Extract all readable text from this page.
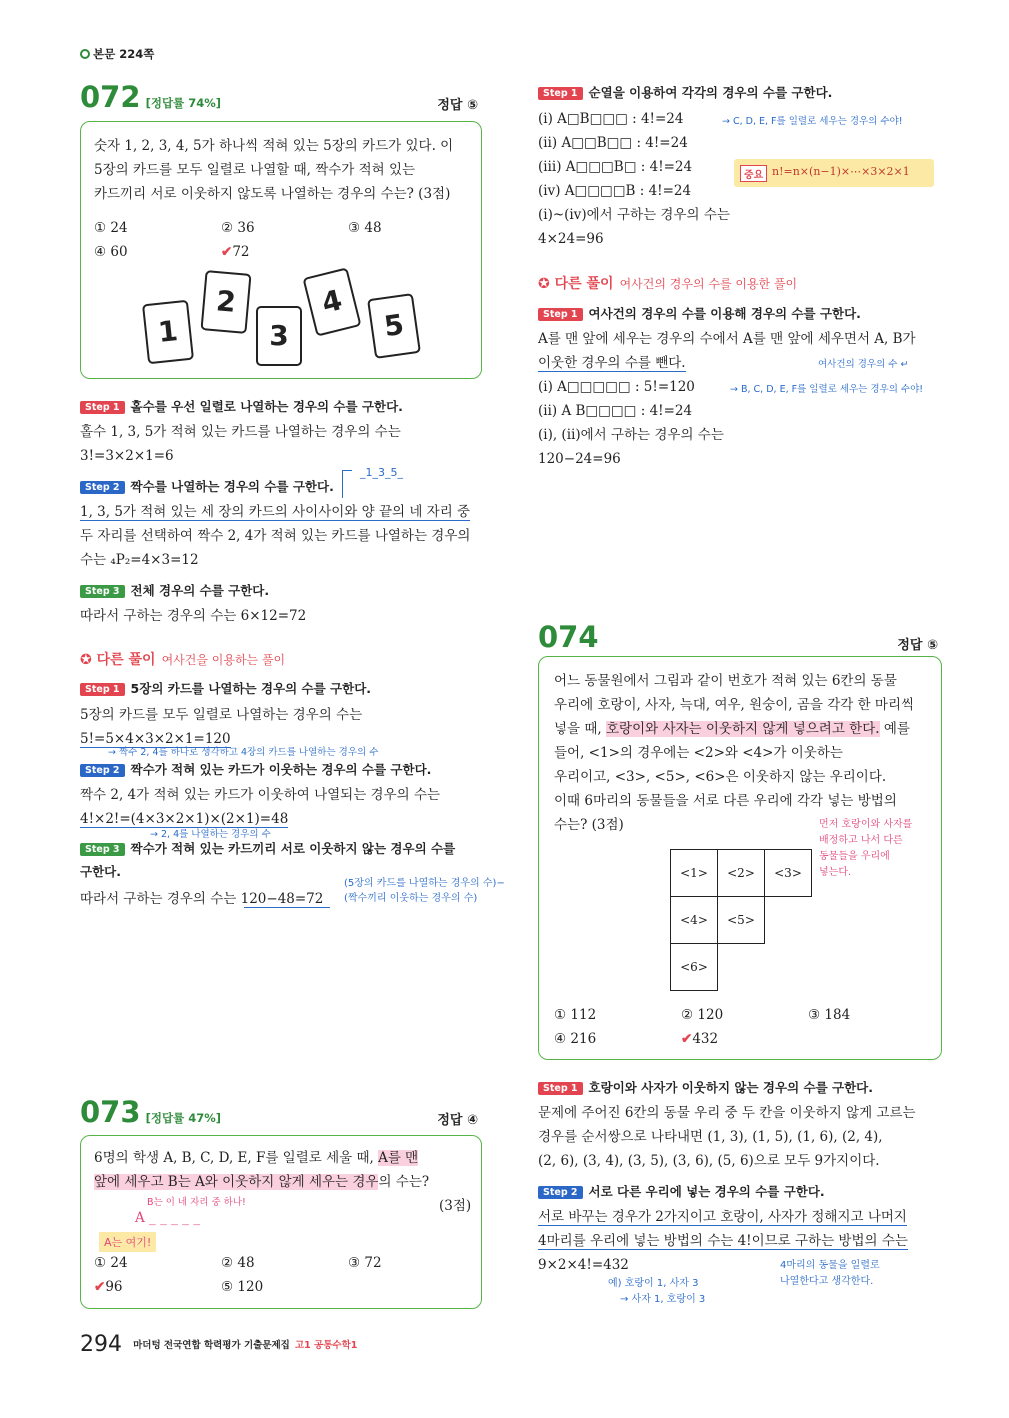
본문 224쪽
072 [정답률 74%]	정답 ⑤
숫자 1, 2, 3, 4, 5가 하나씩 적혀 있는 5장의 카드가 있다. 이
5장의 카드를 모두 일렬로 나열할 때, 짝수가 적혀 있는
카드끼리 서로 이웃하지 않도록 나열하는 경우의 수는? (3점)
① 24	② 36	③ 48
④ 60	✔72
1
2
3
4
5
Step 1 홀수를 우선 일렬로 나열하는 경우의 수를 구한다.
홀수 1, 3, 5가 적혀 있는 카드를 나열하는 경우의 수는
3!=3×2×1=6
Step 2 짝수를 나열하는 경우의 수를 구한다.
_1_3_5_
1, 3, 5가 적혀 있는 세 장의 카드의 사이사이와 양 끝의 네 자리 중
두 자리를 선택하여 짝수 2, 4가 적혀 있는 카드를 나열하는 경우의
수는 ₄P₂=4×3=12
Step 3 전체 경우의 수를 구한다.
따라서 구하는 경우의 수는 6×12=72
✪ 다른 풀이 여사건을 이용하는 풀이
Step 1 5장의 카드를 나열하는 경우의 수를 구한다.
5장의 카드를 모두 일렬로 나열하는 경우의 수는
5!=5×4×3×2×1=120
→ 짝수 2, 4를 하나로 생각하고 4장의 카드를 나열하는 경우의 수
Step 2 짝수가 적혀 있는 카드가 이웃하는 경우의 수를 구한다.
짝수 2, 4가 적혀 있는 카드가 이웃하여 나열되는 경우의 수는
4!×2!=(4×3×2×1)×(2×1)=48
→ 2, 4를 나열하는 경우의 수
Step 3 짝수가 적혀 있는 카드끼리 서로 이웃하지 않는 경우의 수를
구한다.
따라서 구하는 경우의 수는 120−48=72
(5장의 카드를 나열하는 경우의 수)−
(짝수끼리 이웃하는 경우의 수)
073 [정답률 47%]	정답 ④
6명의 학생 A, B, C, D, E, F를 일렬로 세울 때, A를 맨
앞에 세우고 B는 A와 이웃하지 않게 세우는 경우의 수는?
B는 이 네 자리 중 하나!
A _ _ _ _ _
(3점)
A는 여기!
① 24	② 48	③ 72
✔96	⑤ 120
Step 1 순열을 이용하여 각각의 경우의 수를 구한다.
(ⅰ) A□B□□□ : 4!=24	→ C, D, E, F를 일렬로 세우는 경우의 수야!
(ⅱ) A□□B□□ : 4!=24
(ⅲ) A□□□B□ : 4!=24
(ⅳ) A□□□□B : 4!=24
중요 n!=n×(n−1)×⋯×3×2×1
(ⅰ)~(ⅳ)에서 구하는 경우의 수는
4×24=96
✪ 다른 풀이 여사건의 경우의 수를 이용한 풀이
Step 1 여사건의 경우의 수를 이용해 경우의 수를 구한다.
A를 맨 앞에 세우는 경우의 수에서 A를 맨 앞에 세우면서 A, B가
이웃한 경우의 수를 뺀다.	여사건의 경우의 수 ↵
(ⅰ) A□□□□□ : 5!=120	→ B, C, D, E, F를 일렬로 세우는 경우의 수야!
(ⅱ) A B□□□□ : 4!=24
(ⅰ), (ⅱ)에서 구하는 경우의 수는
120−24=96
074	정답 ⑤
어느 동물원에서 그림과 같이 번호가 적혀 있는 6칸의 동물
우리에 호랑이, 사자, 늑대, 여우, 원숭이, 곰을 각각 한 마리씩
넣을 때, 호랑이와 사자는 이웃하지 않게 넣으려고 한다. 예를
들어, <1>의 경우에는 <2>와 <4>가 이웃하는
우리이고, <3>, <5>, <6>은 이웃하지 않는 우리이다.
이때 6마리의 동물들을 서로 다른 우리에 각각 넣는 방법의
수는? (3점)	먼저 호랑이와 사자를
배정하고 나서 다른
동물들을 우리에
넣는다.
<1>	<2>	<3>
<4>	<5>
<6>
① 112	② 120	③ 184
④ 216	✔432
Step 1 호랑이와 사자가 이웃하지 않는 경우의 수를 구한다.
문제에 주어진 6칸의 동물 우리 중 두 칸을 이웃하지 않게 고르는
경우를 순서쌍으로 나타내면 (1, 3), (1, 5), (1, 6), (2, 4),
(2, 6), (3, 4), (3, 5), (3, 6), (5, 6)으로 모두 9가지이다.
Step 2 서로 다른 우리에 넣는 경우의 수를 구한다.
서로 바꾸는 경우가 2가지이고 호랑이, 사자가 정해지고 나머지
4마리를 우리에 넣는 방법의 수는 4!이므로 구하는 방법의 수는
9×2×4!=432
예) 호랑이 1, 사자 3
→ 사자 1, 호랑이 3
4마리의 동물을 일렬로
나열한다고 생각한다.
294 마더텅 전국연합 학력평가 기출문제집 고1 공통수학1
